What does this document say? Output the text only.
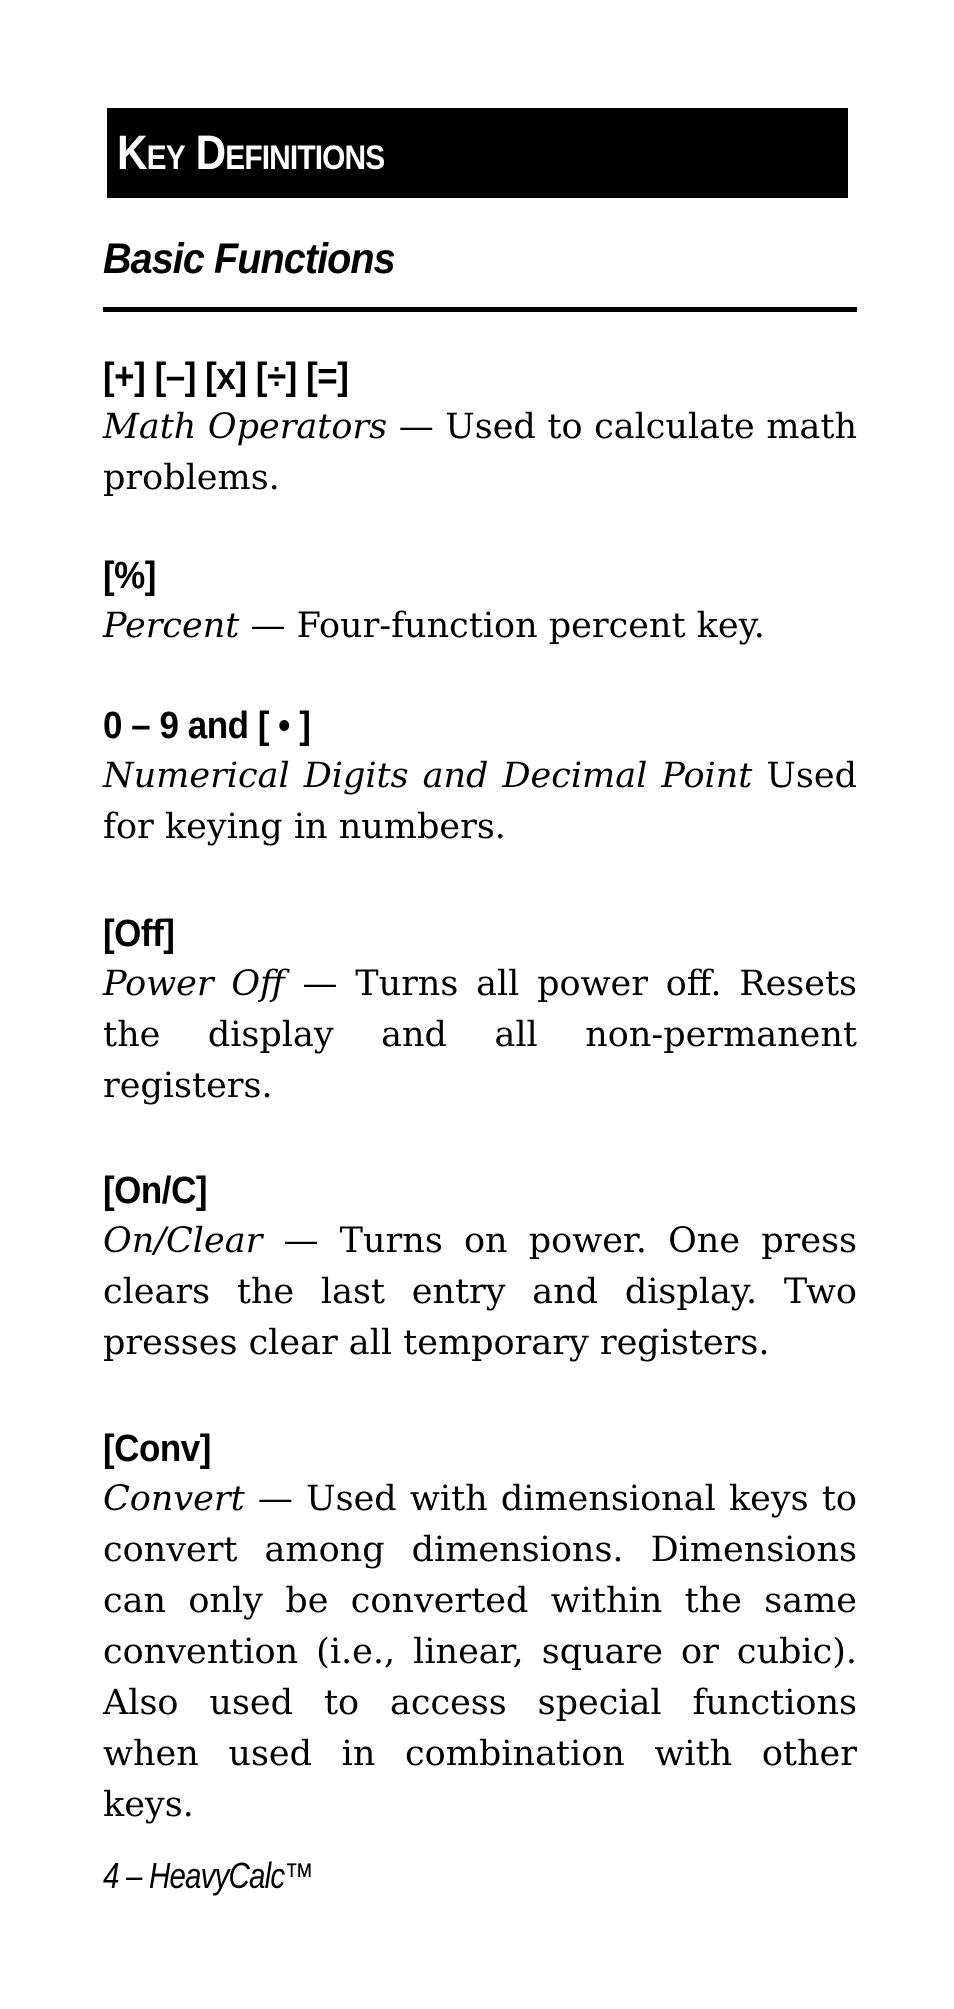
Key Definitions
Basic Functions
[+] [–] [x] [÷] [=]
Math Operators — Used to calculate math problems.
[%]
Percent — Four-function percent key.
0 – 9 and [ • ]
Numerical Digits and Decimal Point Used for keying in numbers.
[Off]
Power Off — Turns all power off. Resets the display and all non-permanent registers.
[On/C]
On/Clear — Turns on power. One press clears the last entry and display. Two presses clear all temporary registers.
[Conv]
Convert — Used with dimensional keys to convert among dimensions. Dimensions can only be converted within the same convention (i.e., linear, square or cubic). Also used to access special functions when used in combination with other keys.
4 – HeavyCalc™
